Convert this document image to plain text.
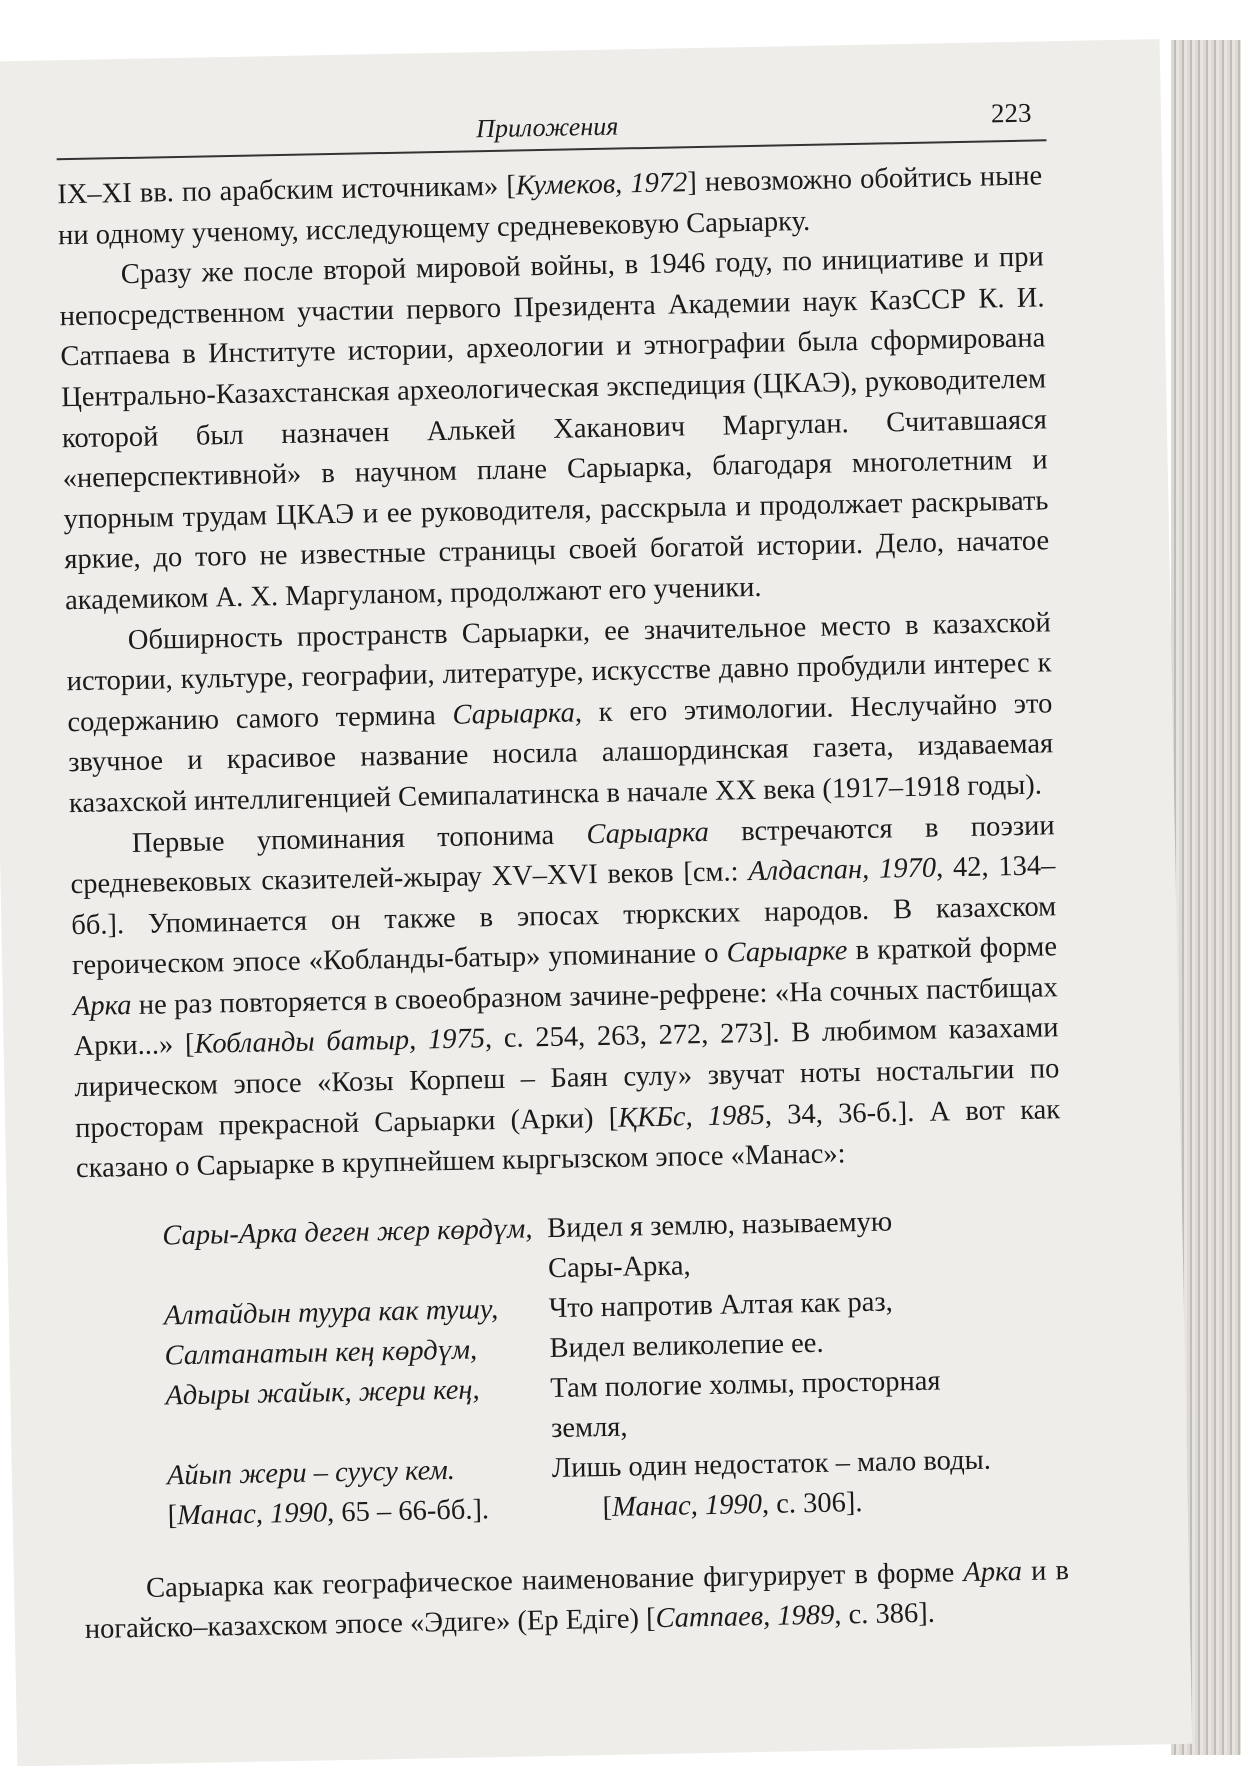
Приложения	223

IX–XI вв. по арабским источникам» [Кумеков, 1972] невозможно обойтись ныне ни одному ученому, исследующему средневековую Сарыарку.

Сразу же после второй мировой войны, в 1946 году, по инициативе и при непосредственном участии первого Президента Академии наук КазССР К. И. Сатпаева в Институте истории, археологии и этнографии была сформирована Центрально-Казахстанская археологическая экспедиция (ЦКАЭ), руководителем которой был назначен Алькей Хаканович Маргулан. Считавшаяся «неперспективной» в научном плане Сарыарка, благодаря многолетним и упорным трудам ЦКАЭ и ее руководителя, расскрыла и продолжает раскрывать яркие, до того не известные страницы своей богатой истории. Дело, начатое академиком А. Х. Маргуланом, продолжают его ученики.

Обширность пространств Сарыарки, ее значительное место в казахской истории, культуре, географии, литературе, искусстве давно пробудили интерес к содержанию самого термина Сарыарка, к его этимологии. Неслучайно это звучное и красивое название носила алашординская газета, издаваемая казахской интеллигенцией Семипалатинска в начале XX века (1917–1918 годы).

Первые упоминания топонима Сарыарка встречаются в поэзии средневековых сказителей-жырау XV–XVI веков [см.: Алдаспан, 1970, 42, 134–бб.]. Упоминается он также в эпосах тюркских народов. В казахском героическом эпосе «Кобланды-батыр» упоминание о Сарыарке в краткой форме Арка не раз повторяется в своеобразном зачине-рефрене: «На сочных пастбищах Арки...» [Кобланды батыр, 1975, с. 254, 263, 272, 273]. В любимом казахами лирическом эпосе «Козы Корпеш – Баян сулу» звучат ноты ностальгии по просторам прекрасной Сарыарки (Арки) [ҚКБс, 1985, 34, 36-б.]. А вот как сказано о Сарыарке в крупнейшем кыргызском эпосе «Манас»:

Сары-Арка деген жер көрдүм,
Алтайдын туура как тушу,
Салтанатын кең көрдүм,
Адыры жайык, жери кең,
Айып жери – суусу кем.
[Манас, 1990, 65 – 66-бб.].
Видел я землю, называемую
Сары-Арка,
Что напротив Алтая как раз,
Видел великолепие ее.
Там пологие холмы, просторная
земля,
Лишь один недостаток – мало воды.
[Манас, 1990, с. 306].

Сарыарка как географическое наименование фигурирует в форме Арка и в ногайско–казахском эпосе «Эдиге» (Ер Едiге) [Сатпаев, 1989, с. 386].
